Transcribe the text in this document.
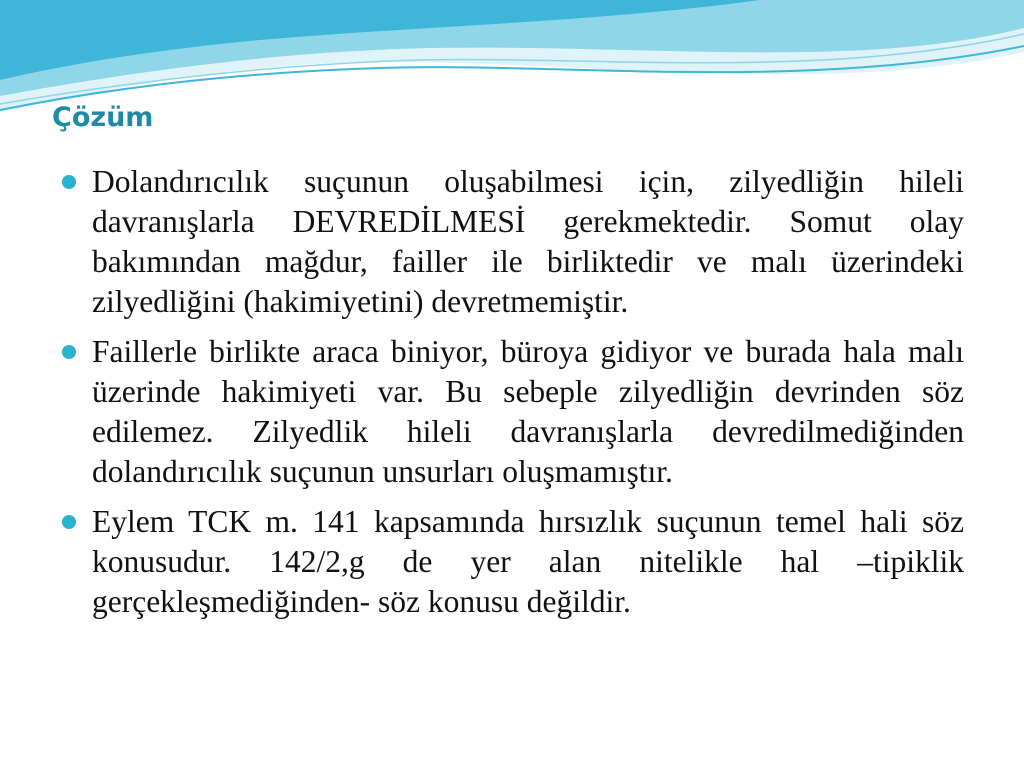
Çözüm
Dolandırıcılık suçunun oluşabilmesi için, zilyedliğin hileli davranışlarla DEVREDİLMESİ gerekmektedir. Somut olay bakımından mağdur, failler ile birliktedir ve malı üzerindeki zilyedliğini (hakimiyetini) devretmemiştir.
Faillerle birlikte araca biniyor, büroya gidiyor ve burada hala malı üzerinde hakimiyeti var. Bu sebeple zilyedliğin devrinden söz edilemez. Zilyedlik hileli davranışlarla devredilmediğinden dolandırıcılık suçunun unsurları oluşmamıştır.
Eylem TCK m. 141 kapsamında hırsızlık suçunun temel hali söz konusudur. 142/2,g de yer alan nitelikle hal –tipiklik gerçekleşmediğinden- söz konusu değildir.
